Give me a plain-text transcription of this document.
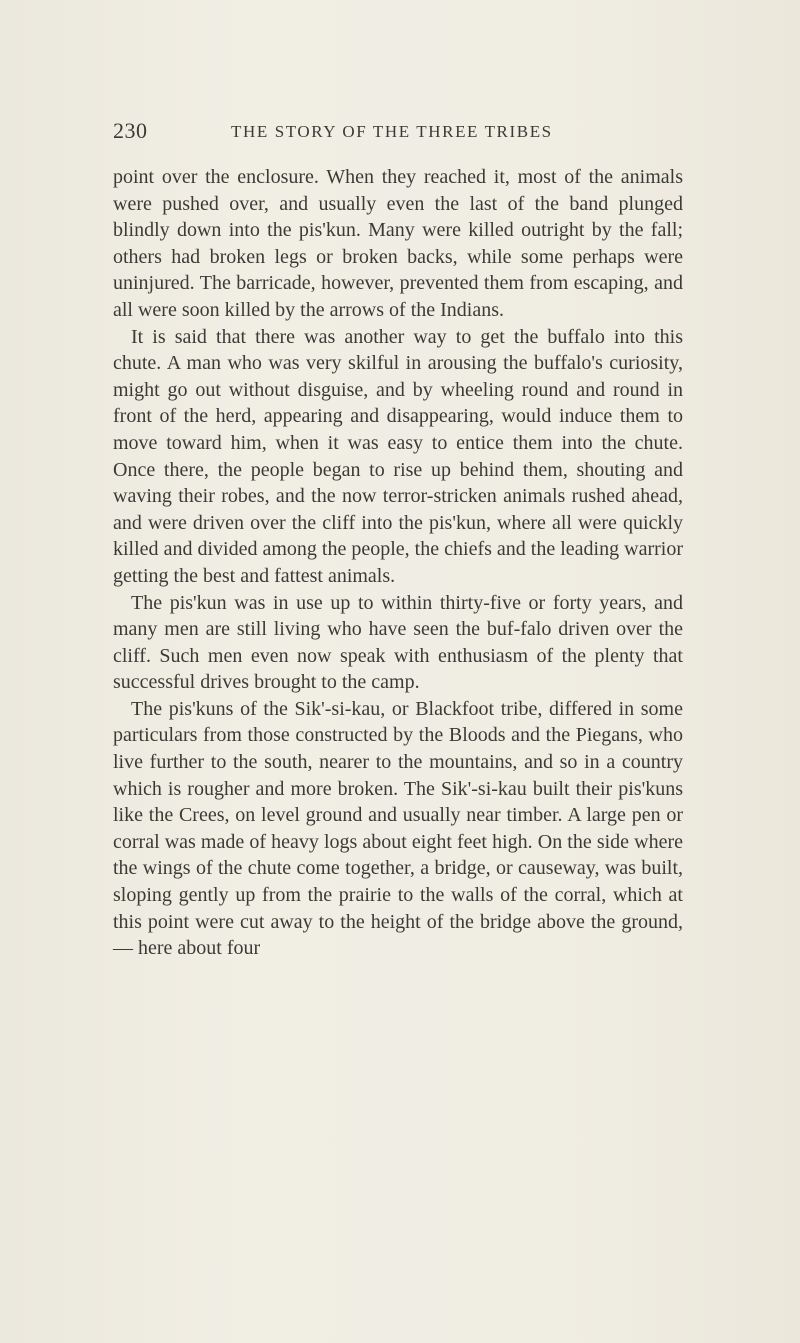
230	THE STORY OF THE THREE TRIBES

point over the enclosure. When they reached it, most of the animals were pushed over, and usually even the last of the band plunged blindly down into the pis'kun. Many were killed outright by the fall; others had broken legs or broken backs, while some perhaps were uninjured. The barricade, however, prevented them from escaping, and all were soon killed by the arrows of the Indians.

It is said that there was another way to get the buffalo into this chute. A man who was very skilful in arousing the buffalo's curiosity, might go out without disguise, and by wheeling round and round in front of the herd, appearing and disappearing, would induce them to move toward him, when it was easy to entice them into the chute. Once there, the people began to rise up behind them, shouting and waving their robes, and the now terror-stricken animals rushed ahead, and were driven over the cliff into the pis'kun, where all were quickly killed and divided among the people, the chiefs and the leading warrior getting the best and fattest animals.

The pis'kun was in use up to within thirty-five or forty years, and many men are still living who have seen the buf-falo driven over the cliff. Such men even now speak with enthusiasm of the plenty that successful drives brought to the camp.

The pis'kuns of the Sik'-si-kau, or Blackfoot tribe, differed in some particulars from those constructed by the Bloods and the Piegans, who live further to the south, nearer to the mountains, and so in a country which is rougher and more broken. The Sik'-si-kau built their pis'kuns like the Crees, on level ground and usually near timber. A large pen or corral was made of heavy logs about eight feet high. On the side where the wings of the chute come together, a bridge, or causeway, was built, sloping gently up from the prairie to the walls of the corral, which at this point were cut away to the height of the bridge above the ground, — here about four
